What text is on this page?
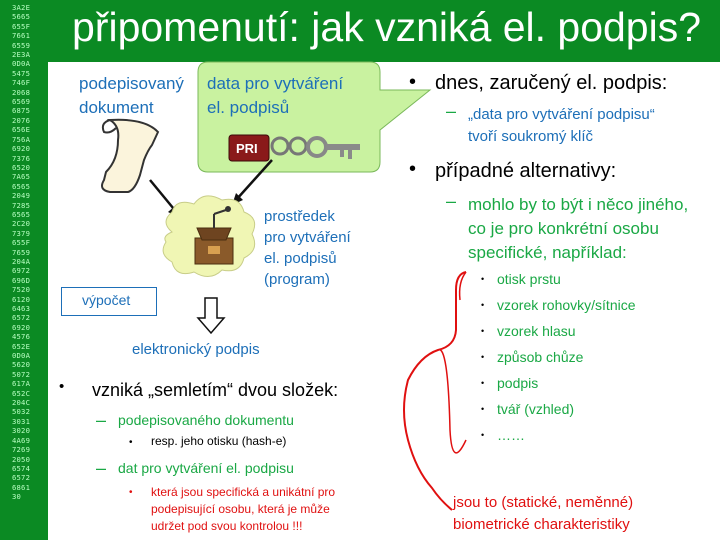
3A2E
5665
655F
7661
6559
2E3A
0D0A
5475
746F
2068
6569
6875
2076
656E
756A
6920
7376
6520
7A65
6565
2049
7285
6565
2C20
7379
655F
7659
204A
6972
696D
7520
6120
6463
6572
6920
4576
652E
0D0A
5620
5072
617A
652C
204C
5032
3031
3020
4A69
7269
2050
6574
6572
6861
30
připomenutí: jak vzniká el. podpis?
PRI
podepisovaný
dokument
data pro vytváření
el. podpisů
prostředek
pro vytváření
el. podpisů
(program)
výpočet
elektronický podpis
• vzniká „semletím“ dvou složek:
– podepisovaného dokumentu
• resp. jeho otisku (hash-e)
– dat pro vytváření el. podpisu
• která jsou specifická a unikátní pro
podepisující osobu, která je může
udržet pod svou kontrolou !!!
• dnes, zaručený el. podpis:
– „data pro vytváření podpisu“
tvoří soukromý klíč
• případné alternativy:
– mohlo by to být i něco jiného,
co je pro konkrétní osobu
specifické, například:
• otisk prstu
• vzorek rohovky/sítnice
• vzorek hlasu
• způsob chůze
• podpis
• tvář (vzhled)
• ……
jsou to (statické, neměnné)
biometrické charakteristiky
